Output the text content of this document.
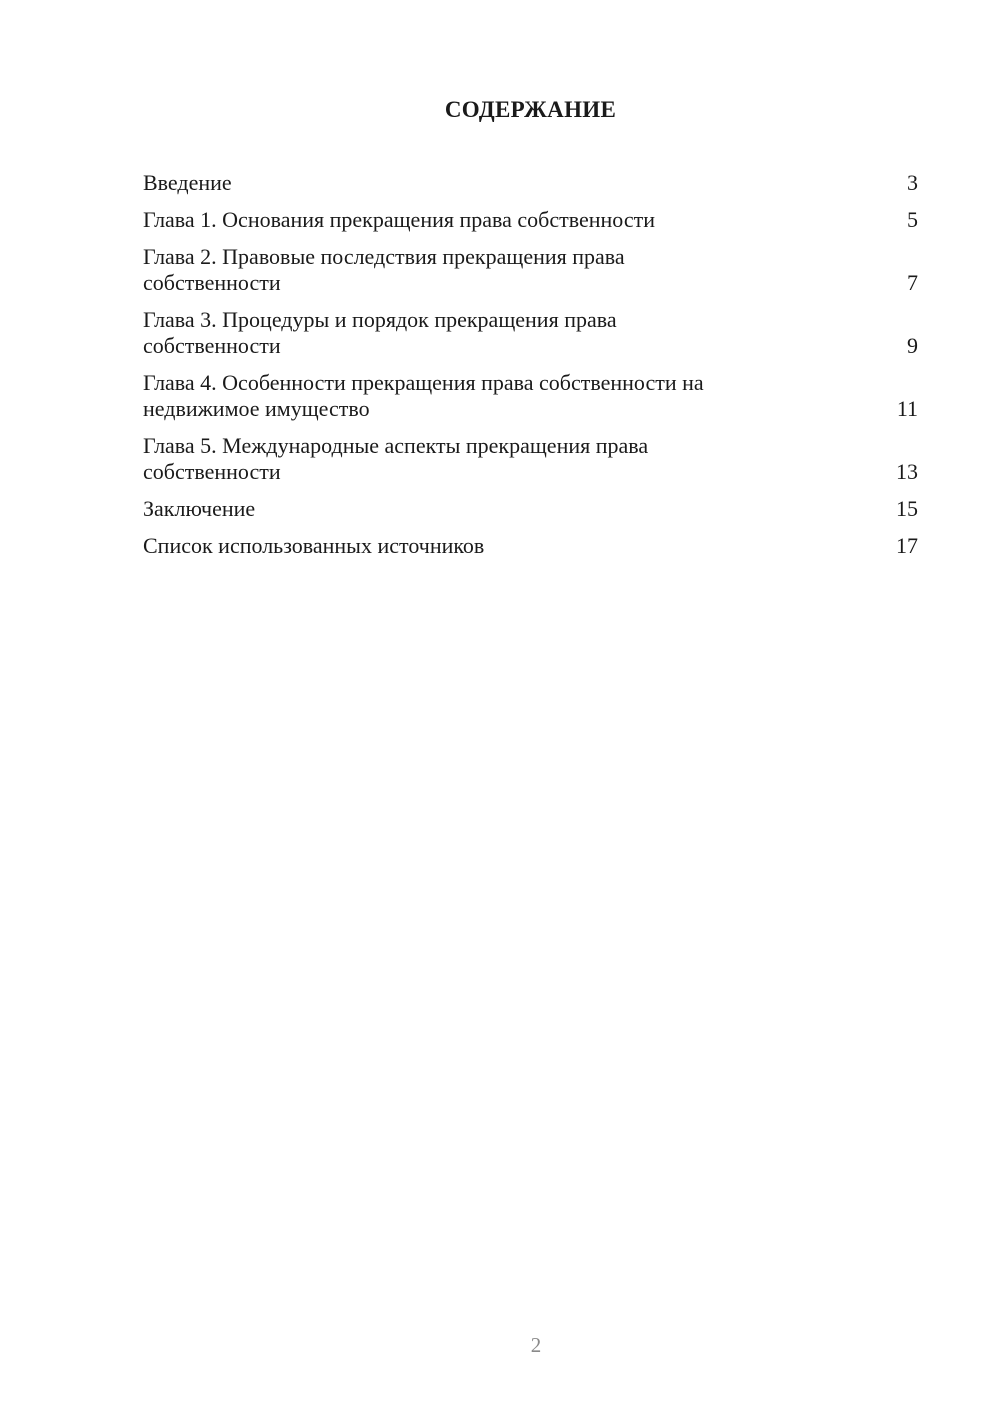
СОДЕРЖАНИЕ
Введение	3
Глава 1. Основания прекращения права собственности	5
Глава 2. Правовые последствия прекращения права
собственности	7
Глава 3. Процедуры и порядок прекращения права
собственности	9
Глава 4. Особенности прекращения права собственности на
недвижимое имущество	11
Глава 5. Международные аспекты прекращения права
собственности	13
Заключение	15
Список использованных источников	17
2
